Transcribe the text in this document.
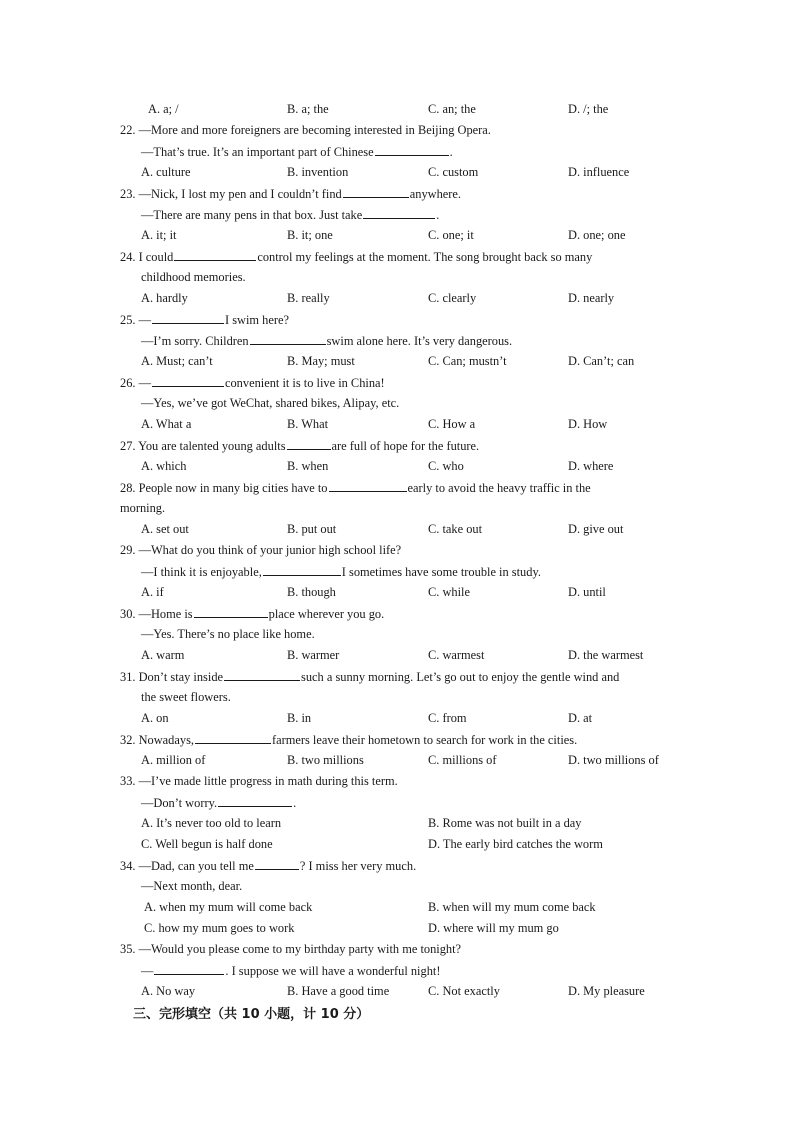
A. a; /	B. a; the	C. an; the	D. /; the
22. —More and more foreigners are becoming interested in Beijing Opera.
—That’s true. It’s an important part of Chinese	.
A. culture	B. invention	C. custom	D. influence
23. —Nick, I lost my pen and I couldn’t find	anywhere.
—There are many pens in that box. Just take	.
A. it; it	B. it; one	C. one; it	D. one; one
24. I could	control my feelings at the moment. The song brought back so many
childhood memories.
A. hardly	B. really	C. clearly	D. nearly
25. —	I swim here?
—I’m sorry. Children	swim alone here. It’s very dangerous.
A. Must; can’t	B. May; must	C. Can; mustn’t	D. Can’t; can
26. —	convenient it is to live in China!
—Yes, we’ve got WeChat, shared bikes, Alipay, etc.
A. What a	B. What	C. How a	D. How
27. You are talented young adults	are full of hope for the future.
A. which	B. when	C. who	D. where
28. People now in many big cities have to	early to avoid the heavy traffic in the
morning.
A. set out	B. put out	C. take out	D. give out
29. —What do you think of your junior high school life?
—I think it is enjoyable,	I sometimes have some trouble in study.
A. if	B. though	C. while	D. until
30. —Home is	place wherever you go.
—Yes. There’s no place like home.
A. warm	B. warmer	C. warmest	D. the warmest
31. Don’t stay inside	such a sunny morning. Let’s go out to enjoy the gentle wind and
the sweet flowers.
A. on	B. in	C. from	D. at
32. Nowadays,	farmers leave their hometown to search for work in the cities.
A. million of	B. two millions	C. millions of	D. two millions of
33. —I’ve made little progress in math during this term.
—Don’t worry.	.
A. It’s never too old to learn	B. Rome was not built in a day
C. Well begun is half done	D. The early bird catches the worm
34. —Dad, can you tell me	? I miss her very much.
—Next month, dear.
A. when my mum will come back	B. when will my mum come back
C. how my mum goes to work	D. where will my mum go
35. —Would you please come to my birthday party with me tonight?
—	. I suppose we will have a wonderful night!
A. No way	B. Have a good time	C. Not exactly	D. My pleasure
三、完形填空（共 10 小题，计 10 分）
